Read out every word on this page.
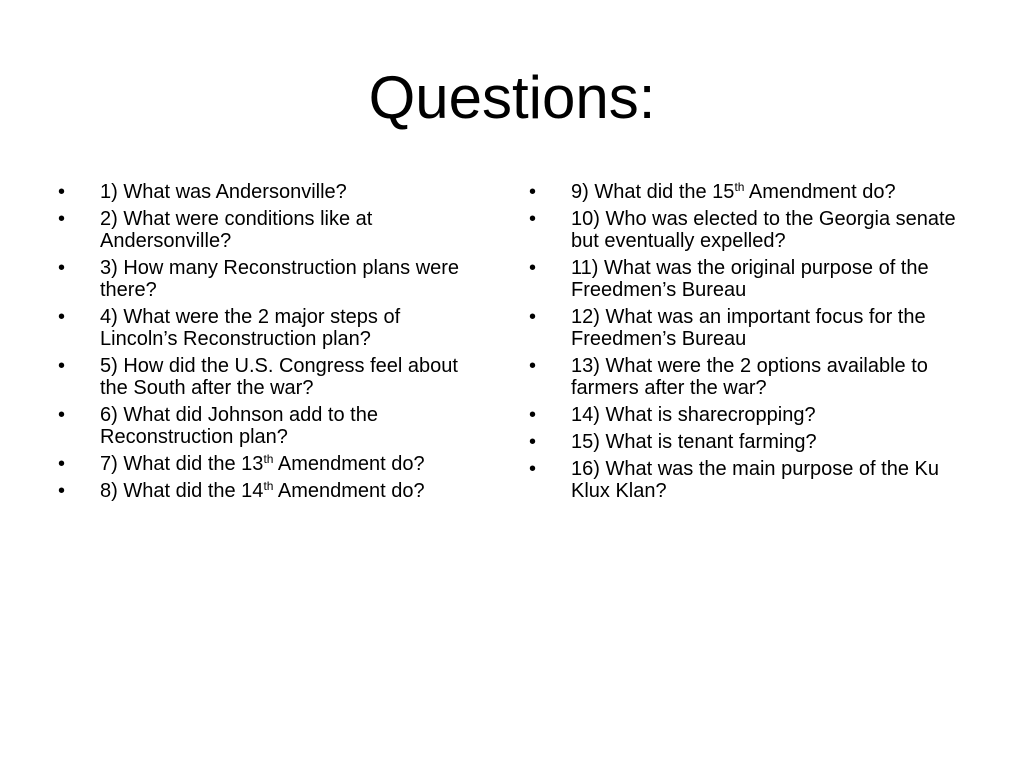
Questions:
•	1) What was Andersonville?
•	2) What were conditions like at Andersonville?
•	3) How many Reconstruction plans were there?
•	4) What were the 2 major steps of Lincoln’s Reconstruction plan?
•	5) How did the U.S. Congress feel about the South after the war?
•	6) What did Johnson add to the Reconstruction plan?
•	7) What did the 13th Amendment do?
•	8) What did the 14th Amendment do?
•	9) What did the 15th Amendment do?
•	10) Who was elected to the Georgia senate but eventually expelled?
•	11) What was the original purpose of the Freedmen’s Bureau
•	12) What was an important focus for the Freedmen’s Bureau
•	13) What were the 2 options available to farmers after the war?
•	14) What is sharecropping?
•	15) What is tenant farming?
•	16) What was the main purpose of the Ku Klux Klan?
